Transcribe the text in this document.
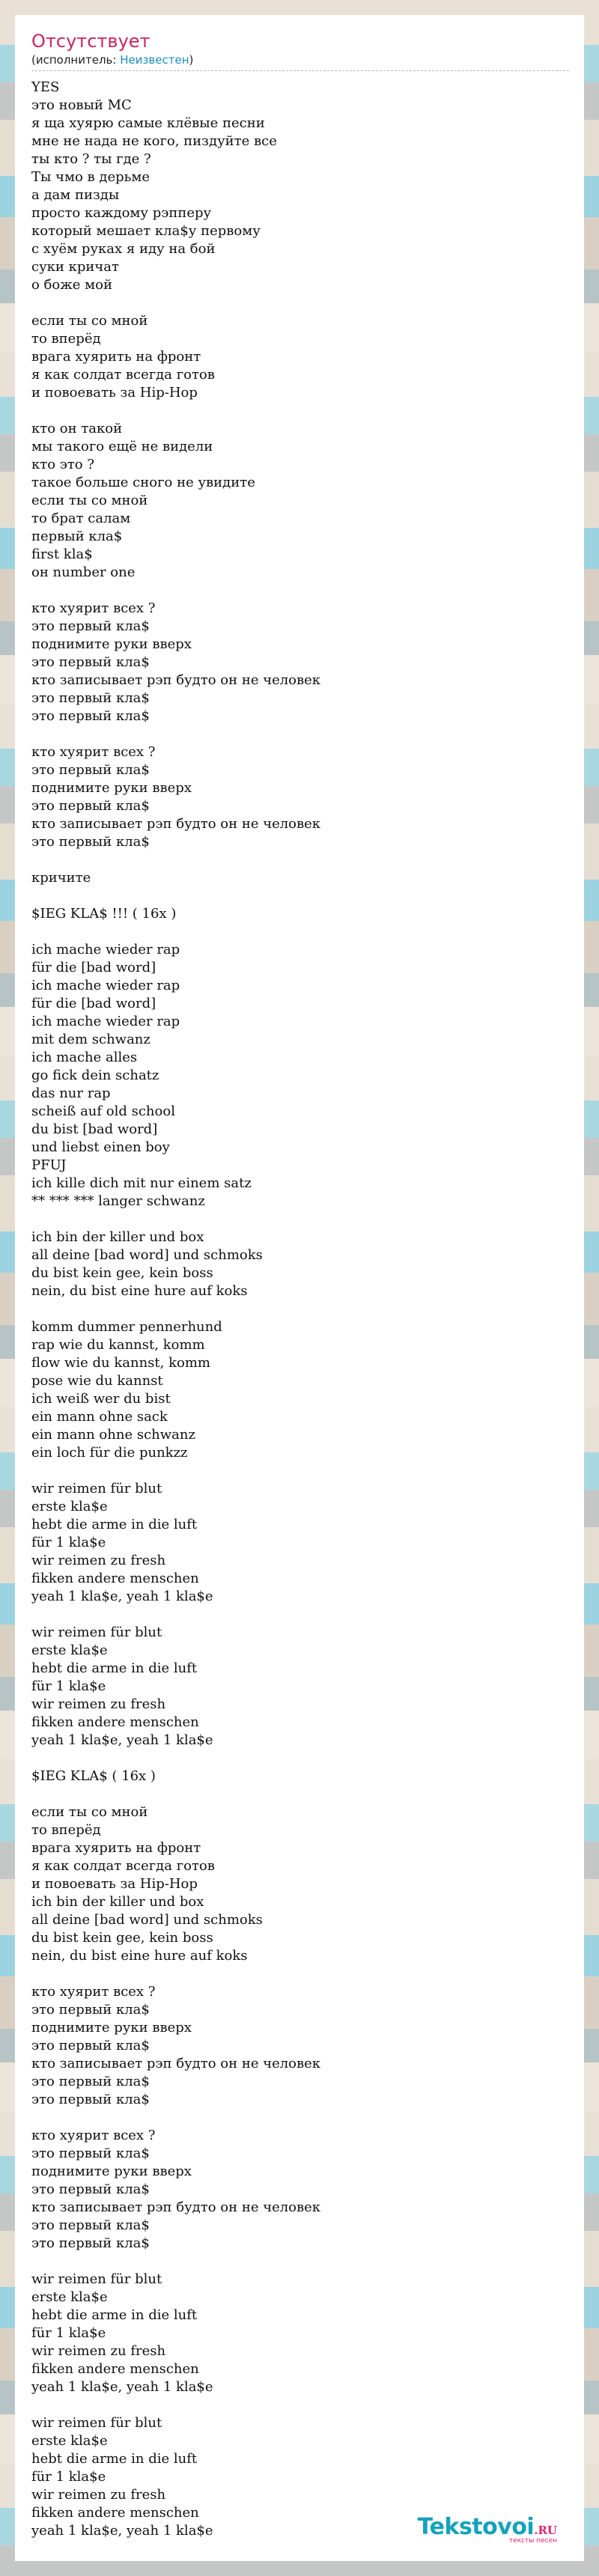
Отсутствует
(исполнитель: Неизвестен)
YES
это новый MC
я ща хуярю самые клёвые песни
мне не нада не кого, пиздуйте все
ты кто ? ты где ?
Ты чмо в дерьме
а дам пизды
просто каждому рэпперу
который мешает кла$у первому
с хуём руках я иду на бой
суки кричат
о боже мой
если ты со мной
то вперёд
врага хуярить на фронт
я как солдат всегда готов
и повоевать за Hip-Hop
кто он такой
мы такого ещё не видели
кто это ?
такое больше сного не увидите
если ты со мной
то брат салам
первый кла$
first kla$
он number one
кто хуярит всех ?
это первый кла$
поднимите руки вверх
это первый кла$
кто записывает рэп будто он не человек
это первый кла$
это первый кла$
кто хуярит всех ?
это первый кла$
поднимите руки вверх
это первый кла$
кто записывает рэп будто он не человек
это первый кла$
кричите
$IEG KLA$ !!! ( 16x )
ich mache wieder rap
für die [bad word]
ich mache wieder rap
für die [bad word]
ich mache wieder rap
mit dem schwanz
ich mache alles
go fick dein schatz
das nur rap
scheiß auf old school
du bist [bad word]
und liebst einen boy
PFUJ
ich kille dich mit nur einem satz
** *** *** langer schwanz
ich bin der killer und box
all deine [bad word] und schmoks
du bist kein gee, kein boss
nein, du bist eine hure auf koks
komm dummer pennerhund
rap wie du kannst, komm
flow wie du kannst, komm
pose wie du kannst
ich weiß wer du bist
ein mann ohne sack
ein mann ohne schwanz
ein loch für die punkzz
wir reimen für blut
erste kla$e
hebt die arme in die luft
für 1 kla$e
wir reimen zu fresh
fikken andere menschen
yeah 1 kla$e, yeah 1 kla$e
wir reimen für blut
erste kla$e
hebt die arme in die luft
für 1 kla$e
wir reimen zu fresh
fikken andere menschen
yeah 1 kla$e, yeah 1 kla$e
$IEG KLA$ ( 16x )
если ты со мной
то вперёд
врага хуярить на фронт
я как солдат всегда готов
и повоевать за Hip-Hop
ich bin der killer und box
all deine [bad word] und schmoks
du bist kein gee, kein boss
nein, du bist eine hure auf koks
кто хуярит всех ?
это первый кла$
поднимите руки вверх
это первый кла$
кто записывает рэп будто он не человек
это первый кла$
это первый кла$
кто хуярит всех ?
это первый кла$
поднимите руки вверх
это первый кла$
кто записывает рэп будто он не человек
это первый кла$
это первый кла$
wir reimen für blut
erste kla$e
hebt die arme in die luft
für 1 kla$e
wir reimen zu fresh
fikken andere menschen
yeah 1 kla$e, yeah 1 kla$e
wir reimen für blut
erste kla$e
hebt die arme in die luft
für 1 kla$e
wir reimen zu fresh
fikken andere menschen
yeah 1 kla$e, yeah 1 kla$e	Tekstovoi.RU
тексты песен
